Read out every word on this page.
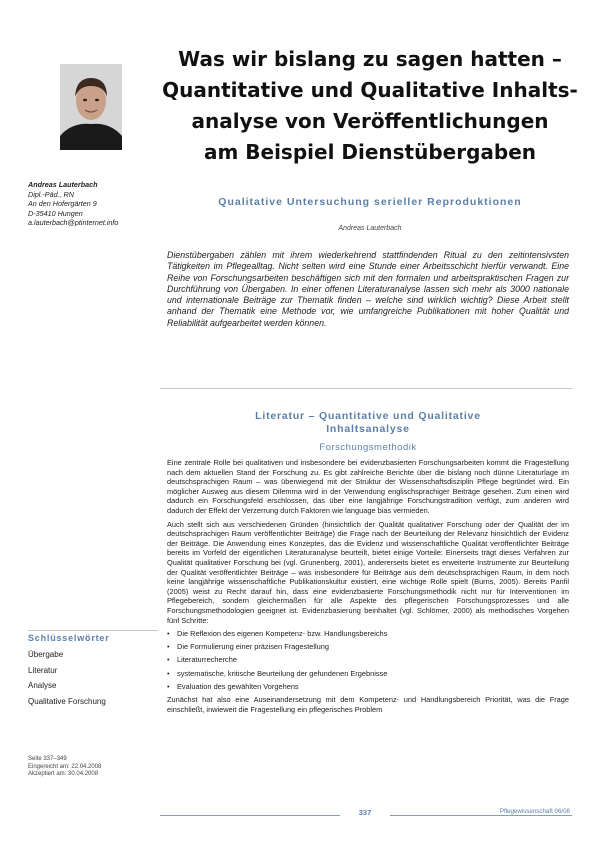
Andreas Lauterbach
Dipl.-Päd., RN
An den Hofergärten 9
D-35410 Hungen
a.lauterbach@ptinternet.info
Was wir bislang zu sagen hatten –
Quantitative und Qualitative Inhalts-
analyse von Veröffentlichungen
am Beispiel Dienstübergaben
Qualitative Untersuchung serieller Reproduktionen
Andreas Lauterbach
Dienstübergaben zählen mit ihrem wiederkehrend stattfindenden Ritual zu den zeitintensivsten Tätigkeiten im Pflegealltag. Nicht selten wird eine Stunde einer Arbeitsschicht hierfür verwandt. Eine Reihe von Forschungsarbeiten beschäftigen sich mit den formalen und arbeitspraktischen Fragen zur Durchführung von Übergaben. In einer offenen Literaturanalyse lassen sich mehr als 3000 nationale und internationale Beiträge zur Thematik finden – welche sind wirklich wichtig? Diese Arbeit stellt anhand der Thematik eine Methode vor, wie umfangreiche Publikationen mit hoher Qualität und Reliabilität aufgearbeitet werden können.
Literatur – Quantitative und Qualitative
Inhaltsanalyse
Forschungsmethodik

Eine zentrale Rolle bei qualitativen und insbesondere bei evidenzbasierten Forschungsarbeiten kommt die Fragestellung nach dem aktuellen Stand der Forschung zu. Es gibt zahlreiche Berichte über die bislang noch dünne Literaturlage im deutschsprachigen Raum – was überwiegend mit der Struktur der Wissenschaftsdisziplin Pflege begründet wird. Ein möglicher Ausweg aus diesem Dilemma wird in der Verwendung englischsprachiger Beiträge gesehen. Zum einen wird dadurch ein Forschungsfeld erschlossen, das über eine langjährige Forschungstradition verfügt, zum anderen wird dadurch der Effekt der Verzerrung durch Faktoren wie language bias vermieden.

Auch stellt sich aus verschiedenen Gründen (hinsichtlich der Qualität qualitativer Forschung oder der Qualität der im deutschsprachigen Raum veröffentlichter Beiträge) die Frage nach der Beurteilung der Relevanz hinsichtlich der Evidenz der Beiträge. Die Anwendung eines Konzeptes, das die Evidenz und wissenschaftliche Qualität veröffentlichter Beiträge bereits im Vorfeld der eigentlichen Literaturanalyse beurteilt, bietet einige Vorteile: Einerseits trägt dieses Verfahren zur Qualität qualitativer Forschung bei (vgl. Grunenberg, 2001), andererseits bietet es erweiterte Instrumente zur Beurteilung der Qualität veröffentlichter Beiträge – was insbesondere für Beiträge aus dem deutschsprachigen Raum, in dem noch keine langjährige wissenschaftliche Publikationskultur existiert, eine wichtige Rolle spielt (Burns, 2005). Bereits Panfil (2005) weist zu Recht darauf hin, dass eine evidenzbasierte Forschungsmethodik nicht nur für Interventionen im Pflegebereich, sondern gleichermaßen für alle Aspekte des pflegerischen Forschungsprozesses und alle Forschungsmethodologien geeignet ist. Evidenzbasierung beinhaltet (vgl. Schlömer, 2000) als methodisches Vorgehen fünf Schritte:

• Die Reflexion des eigenen Kompetenz- bzw. Handlungsbereichs
• Die Formulierung einer präzisen Fragestellung
• Literaturrecherche
• systematische, kritische Beurteilung der gefundenen Ergebnisse
• Evaluation des gewählten Vorgehens

Zunächst hat also eine Auseinandersetzung mit dem Kompetenz- und Handlungsbereich Priorität, was die Frage einschließt, inwieweit die Fragestellung ein pflegerisches Problem

Schlüsselwörter
Übergabe
Literatur
Analyse
Qualitative Forschung
Seite 337–349
Eingereicht am: 22.04.2008
Akzeptiert am: 30.04.2008
337	Pflegewissenschaft 06/08
